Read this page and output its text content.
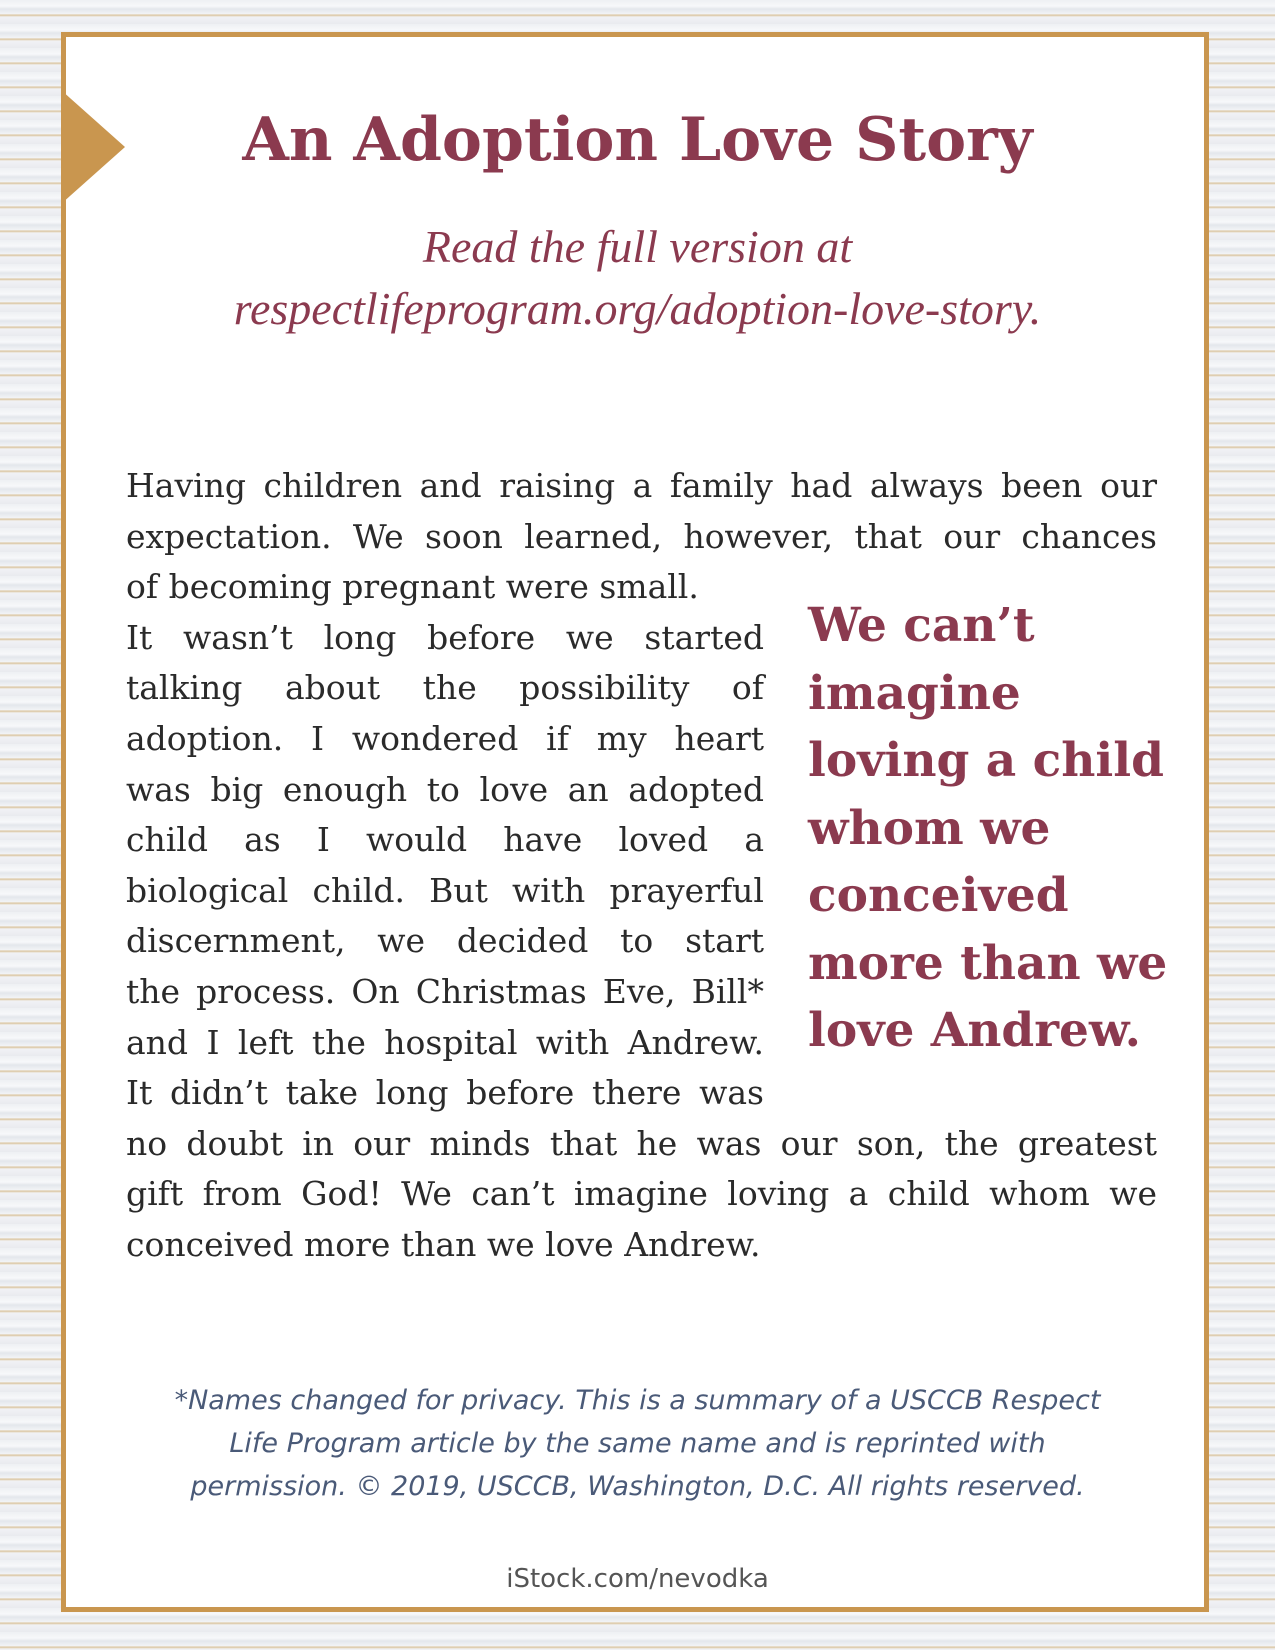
An Adoption Love Story
Read the full version at
respectlifeprogram.org/adoption-love-story.
Having children and raising a family had always been our
expectation. We soon learned, however, that our chances
of becoming pregnant were small.
It wasn’t long before we started
talking about the possibility of
adoption. I wondered if my heart
was big enough to love an adopted
child as I would have loved a
biological child. But with prayerful
discernment, we decided to start
the process. On Christmas Eve, Bill*
and I left the hospital with Andrew.
It didn’t take long before there was
no doubt in our minds that he was our son, the greatest
gift from God! We can’t imagine loving a child whom we
conceived more than we love Andrew.
We can’t
imagine
loving a child
whom we
conceived
more than we
love Andrew.
*Names changed for privacy. This is a summary of a USCCB Respect
Life Program article by the same name and is reprinted with
permission. © 2019, USCCB, Washington, D.C. All rights reserved.
iStock.com/nevodka
